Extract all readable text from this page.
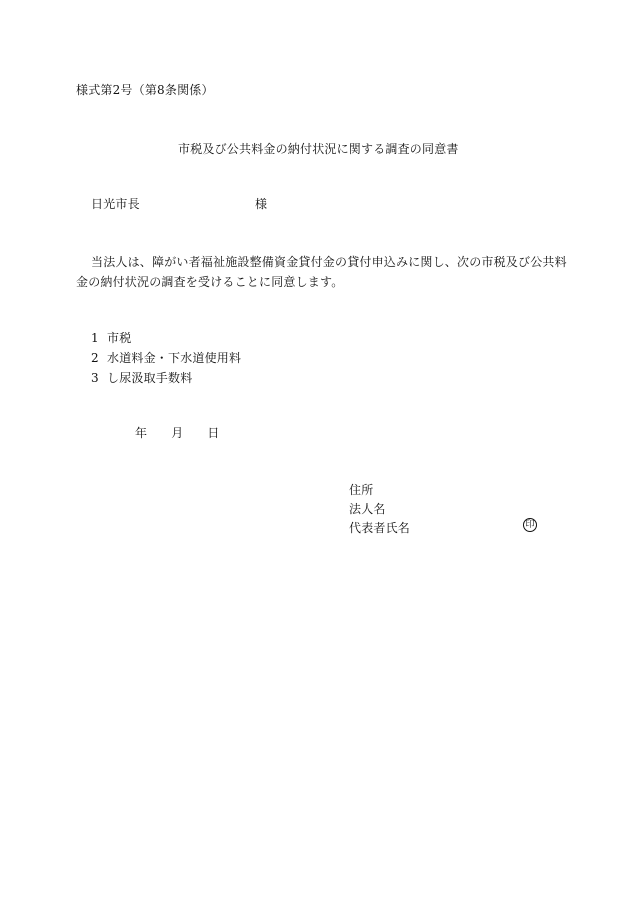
様式第2号（第8条関係）
市税及び公共料金の納付状況に関する調査の同意書
日光市長	様
当法人は、障がい者福祉施設整備資金貸付金の貸付申込みに関し、次の市税及び公共料
金の納付状況の調査を受けることに同意します。
1 市税
2 水道料金・下水道使用料
3 し尿汲取手数料
年 月 日
住所
法人名
代表者氏名	印
